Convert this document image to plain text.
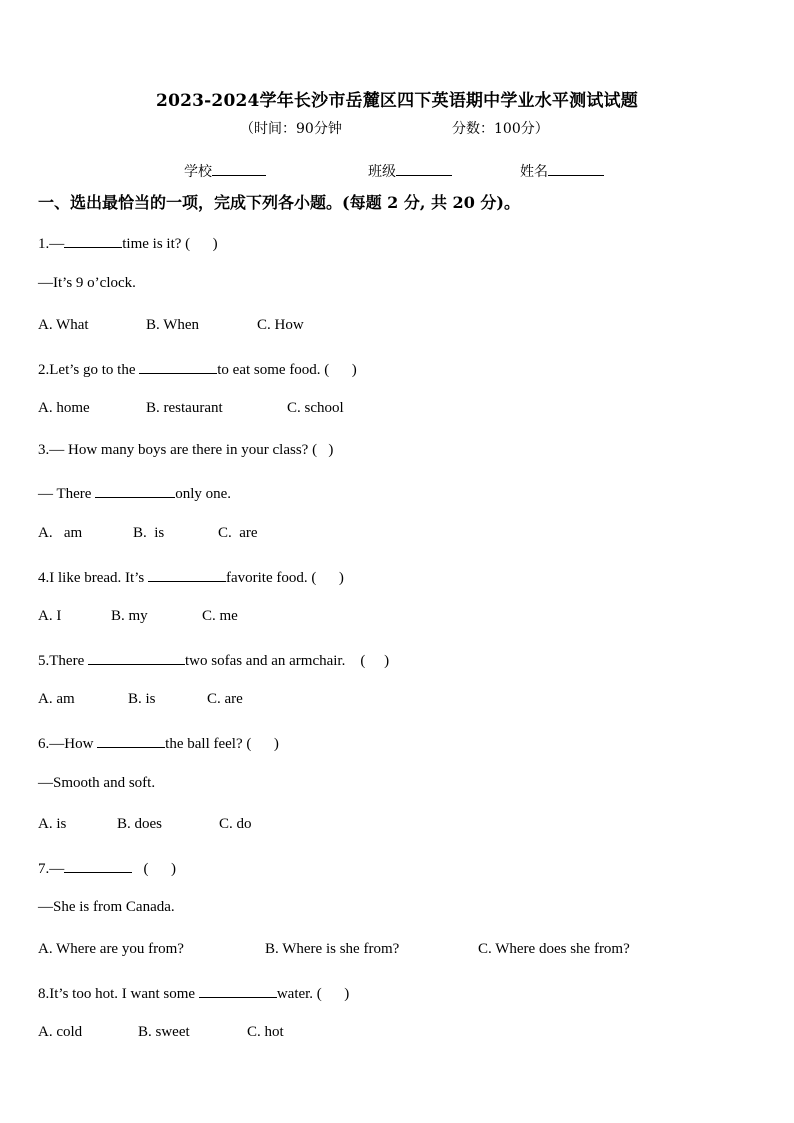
2023-2024学年长沙市岳麓区四下英语期中学业水平测试试题
（时间：90分钟	分数：100分）
学校	班级	姓名
一、选出最恰当的一项，完成下列各小题。(每题 2 分, 共 20 分)。
1.—	time is it? (      )
—It’s 9 o’clock.
A. What	B. When	C. How
2.Let’s go to the	to eat some food. (      )
A. home	B. restaurant	C. school
3.— How many boys are there in your class? (   )
— There	only one.
A.   am	B.  is	C.  are
4.I like bread. It’s	favorite food. (      )
A. I	B. my	C. me
5.There	two sofas and an armchair.    (     )
A. am	B. is	C. are
6.—How	the ball feel? (      )
—Smooth and soft.
A. is	B. does	C. do
7.—	(      )
—She is from Canada.
A. Where are you from?	B. Where is she from?	C. Where does she from?
8.It’s too hot. I want some	water. (      )
A. cold	B. sweet	C. hot
